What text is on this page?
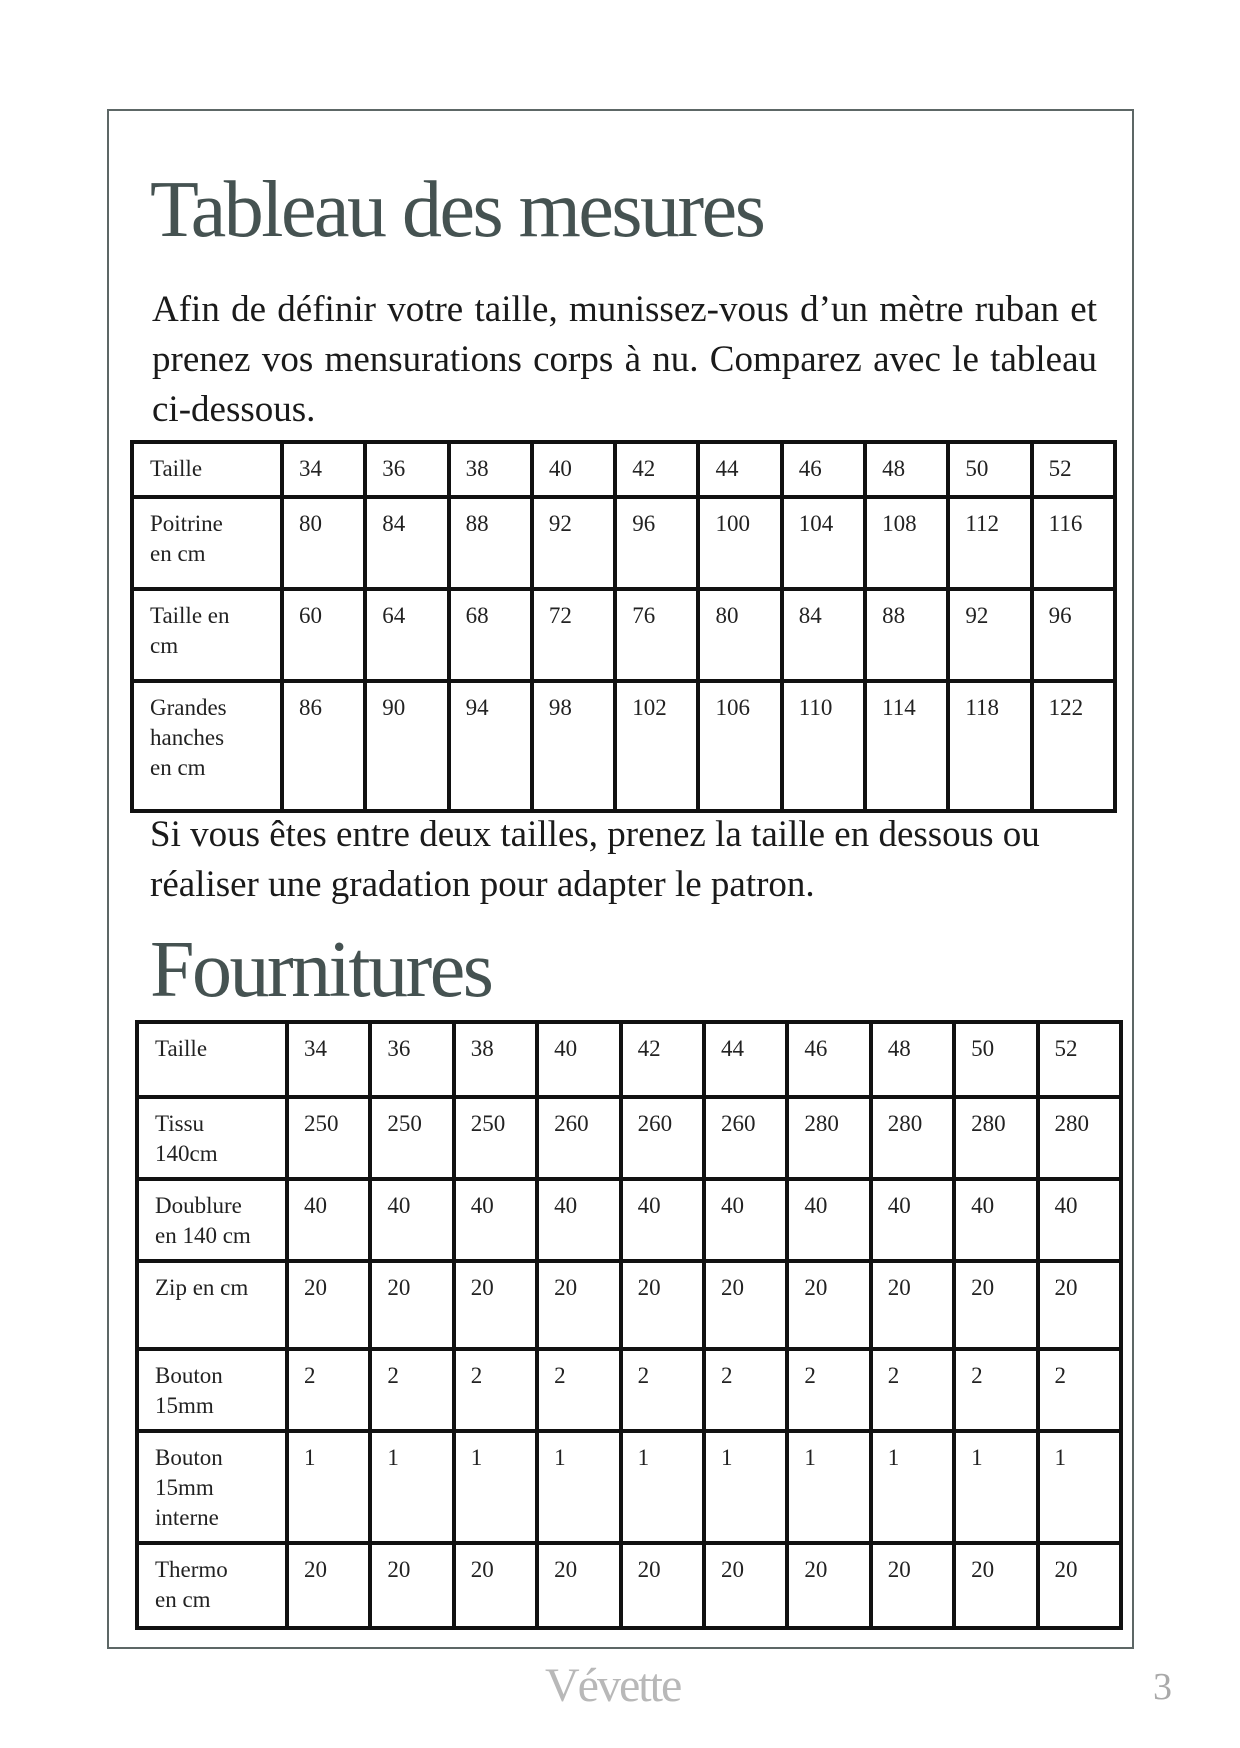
Tableau des mesures

Afin de définir votre taille, munissez-vous d’un mètre ruban et prenez vos mensurations corps à nu. Comparez avec le tableau ci-dessous.

Taille	34	36	38	40	42	44	46	48	50	52
Poitrine
en cm	80	84	88	92	96	100	104	108	112	116
Taille en
cm	60	64	68	72	76	80	84	88	92	96
Grandes
hanches
en cm	86	90	94	98	102	106	110	114	118	122

Si vous êtes entre deux tailles, prenez la taille en dessous ou réaliser une gradation pour adapter le patron.

Fournitures
Taille	34	36	38	40	42	44	46	48	50	52
Tissu
140cm	250	250	250	260	260	260	280	280	280	280
Doublure
en 140 cm	40	40	40	40	40	40	40	40	40	40
Zip en cm	20	20	20	20	20	20	20	20	20	20
Bouton
15mm	2	2	2	2	2	2	2	2	2	2
Bouton
15mm
interne	1	1	1	1	1	1	1	1	1	1
Thermo
en cm	20	20	20	20	20	20	20	20	20	20
Vévette	3
